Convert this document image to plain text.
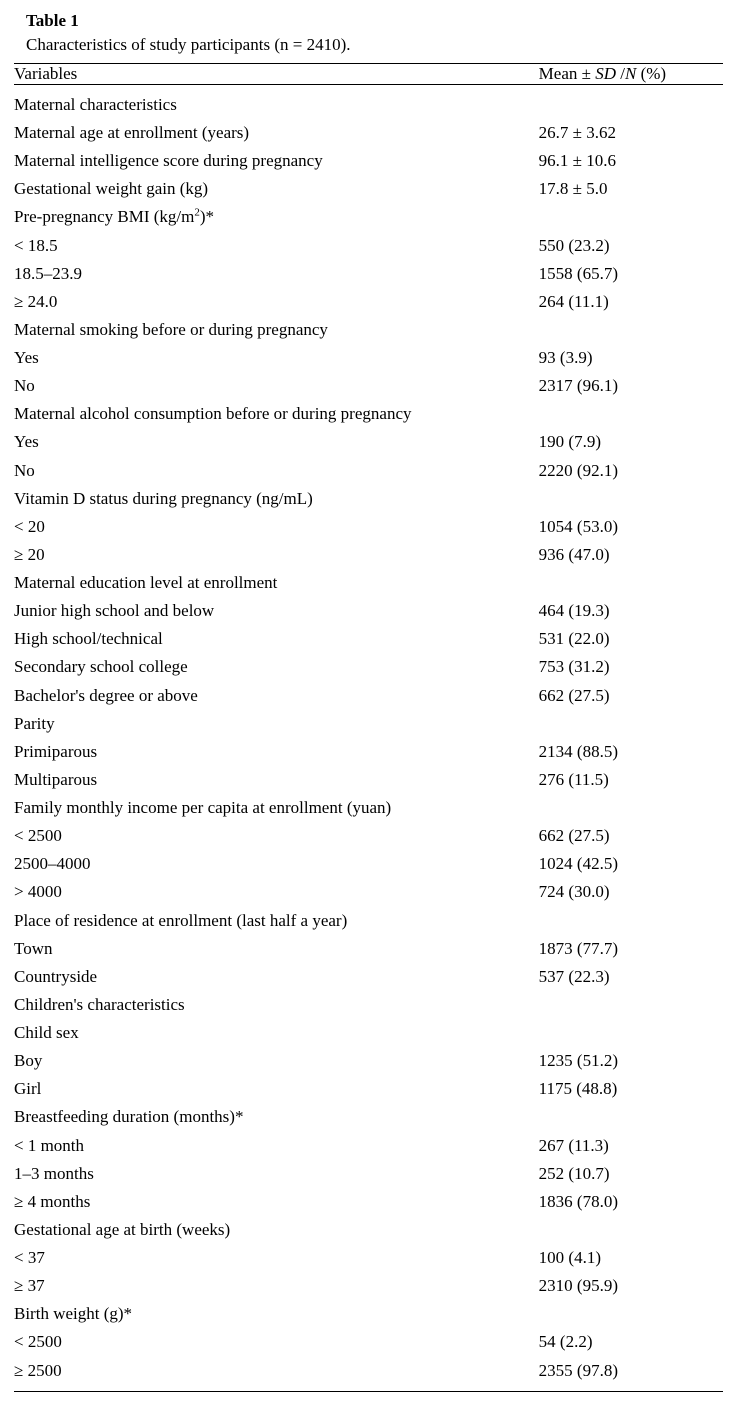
Table 1
Characteristics of study participants (n = 2410).

Variables	Mean ± SD /N (%)

Maternal characteristics	
Maternal age at enrollment (years)	26.7 ± 3.62
Maternal intelligence score during pregnancy	96.1 ± 10.6
Gestational weight gain (kg)	17.8 ± 5.0
Pre-pregnancy BMI $(kg/m^2)*$	
< 18.5	550 (23.2)
18.5–23.9	1558 (65.7)
≥ 24.0	264 (11.1)
Maternal smoking before or during pregnancy	
Yes	93 (3.9)
No	2317 (96.1)
Maternal alcohol consumption before or during pregnancy	
Yes	190 (7.9)
No	2220 (92.1)
Vitamin D status during pregnancy (ng/mL)	
< 20	1054 (53.0)
≥ 20	936 (47.0)
Maternal education level at enrollment	
Junior high school and below	464 (19.3)
High school/technical	531 (22.0)
Secondary school college	753 (31.2)
Bachelor's degree or above	662 (27.5)
Parity	
Primiparous	2134 (88.5)
Multiparous	276 (11.5)
Family monthly income per capita at enrollment (yuan)	
< 2500	662 (27.5)
2500–4000	1024 (42.5)
> 4000	724 (30.0)
Place of residence at enrollment (last half a year)	
Town	1873 (77.7)
Countryside	537 (22.3)
Children's characteristics	
Child sex	
Boy	1235 (51.2)
Girl	1175 (48.8)
Breastfeeding duration (months)*	
< 1 month	267 (11.3)
1–3 months	252 (10.7)
≥ 4 months	1836 (78.0)
Gestational age at birth (weeks)	
< 37	100 (4.1)
≥ 37	2310 (95.9)
Birth weight (g)*	
< 2500	54 (2.2)
≥ 2500	2355 (97.8)
